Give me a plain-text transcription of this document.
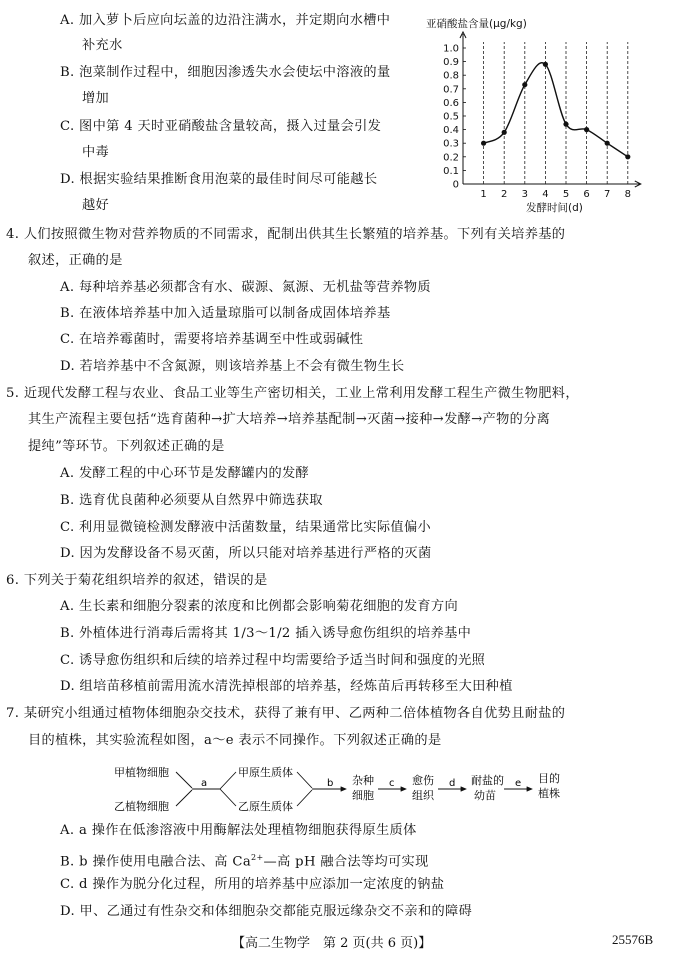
A. 加入萝卜后应向坛盖的边沿注满水，并定期向水槽中
补充水
B. 泡菜制作过程中，细胞因渗透失水会使坛中溶液的量
增加
C. 图中第 4 天时亚硝酸盐含量较高，摄入过量会引发
中毒
D. 根据实验结果推断食用泡菜的最佳时间尽可能越长
越好
亚硝酸盐含量(μg/kg)
发酵时间(d)
0
0.1
0.2
0.3
0.4
0.5
0.6
0.7
0.8
0.9
1.0
1 2 3 4 5 6 7 8
4. 人们按照微生物对营养物质的不同需求，配制出供其生长繁殖的培养基。下列有关培养基的
叙述，正确的是
A. 每种培养基必须都含有水、碳源、氮源、无机盐等营养物质
B. 在液体培养基中加入适量琼脂可以制备成固体培养基
C. 在培养霉菌时，需要将培养基调至中性或弱碱性
D. 若培养基中不含氮源，则该培养基上不会有微生物生长
5. 近现代发酵工程与农业、食品工业等生产密切相关，工业上常利用发酵工程生产微生物肥料，
其生产流程主要包括“选育菌种→扩大培养→培养基配制→灭菌→接种→发酵→产物的分离
提纯”等环节。下列叙述正确的是
A. 发酵工程的中心环节是发酵罐内的发酵
B. 选育优良菌种必须要从自然界中筛选获取
C. 利用显微镜检测发酵液中活菌数量，结果通常比实际值偏小
D. 因为发酵设备不易灭菌，所以只能对培养基进行严格的灭菌
6. 下列关于菊花组织培养的叙述，错误的是
A. 生长素和细胞分裂素的浓度和比例都会影响菊花细胞的发育方向
B. 外植体进行消毒后需将其 1/3～1/2 插入诱导愈伤组织的培养基中
C. 诱导愈伤组织和后续的培养过程中均需要给予适当时间和强度的光照
D. 组培苗移植前需用流水清洗掉根部的培养基，经炼苗后再转移至大田种植
7. 某研究小组通过植物体细胞杂交技术，获得了兼有甲、乙两种二倍体植物各自优势且耐盐的
目的植株，其实验流程如图，a～e 表示不同操作。下列叙述正确的是
甲植物细胞
乙植物细胞
a
甲原生质体
乙原生质体
b 杂种
细胞
c 愈伤
组织
d 耐盐的
幼苗
e 目的
植株
A. a 操作在低渗溶液中用酶解法处理植物细胞获得原生质体
B. b 操作使用电融合法、高 $Ca^{2+}—$高 pH 融合法等均可实现
C. d 操作为脱分化过程，所用的培养基中应添加一定浓度的钠盐
D. 甲、乙通过有性杂交和体细胞杂交都能克服远缘杂交不亲和的障碍
【高二生物学　第 2 页(共 6 页)】	25576B
